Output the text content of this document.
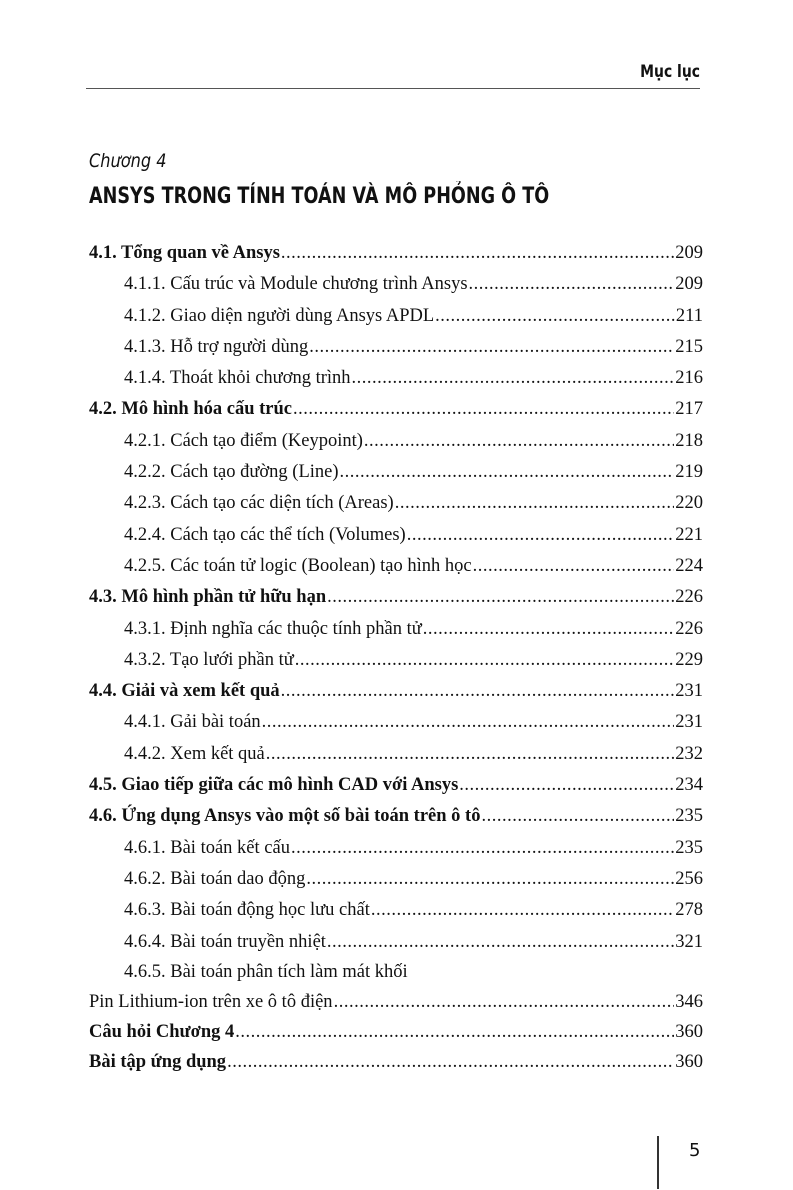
Mục lục
Chương 4
ANSYS TRONG TÍNH TOÁN VÀ MÔ PHỎNG Ô TÔ
4.1. Tổng quan về Ansys .....	209
4.1.1. Cấu trúc và Module chương trình Ansys .....	209
4.1.2. Giao diện người dùng Ansys APDL .....	211
4.1.3. Hỗ trợ người dùng .....	215
4.1.4. Thoát khỏi chương trình .....	216
4.2. Mô hình hóa cấu trúc .....	217
4.2.1. Cách tạo điểm (Keypoint) .....	218
4.2.2. Cách tạo đường (Line) .....	219
4.2.3. Cách tạo các diện tích (Areas) .....	220
4.2.4. Cách tạo các thể tích (Volumes) .....	221
4.2.5. Các toán tử logic (Boolean) tạo hình học .....	224
4.3. Mô hình phần tử hữu hạn .....	226
4.3.1. Định nghĩa các thuộc tính phần tử .....	226
4.3.2. Tạo lưới phần tử .....	229
4.4. Giải và xem kết quả .....	231
4.4.1. Gải bài toán .....	231
4.4.2. Xem kết quả .....	232
4.5. Giao tiếp giữa các mô hình CAD với Ansys .....	234
4.6. Ứng dụng Ansys vào một số bài toán trên ô tô .....	235
4.6.1. Bài toán kết cấu .....	235
4.6.2. Bài toán dao động .....	256
4.6.3. Bài toán động học lưu chất .....	278
4.6.4. Bài toán truyền nhiệt .....	321
4.6.5. Bài toán phân tích làm mát khối
Pin Lithium-ion trên xe ô tô điện .....	346
Câu hỏi Chương 4 .....	360
Bài tập ứng dụng .....	360
5
